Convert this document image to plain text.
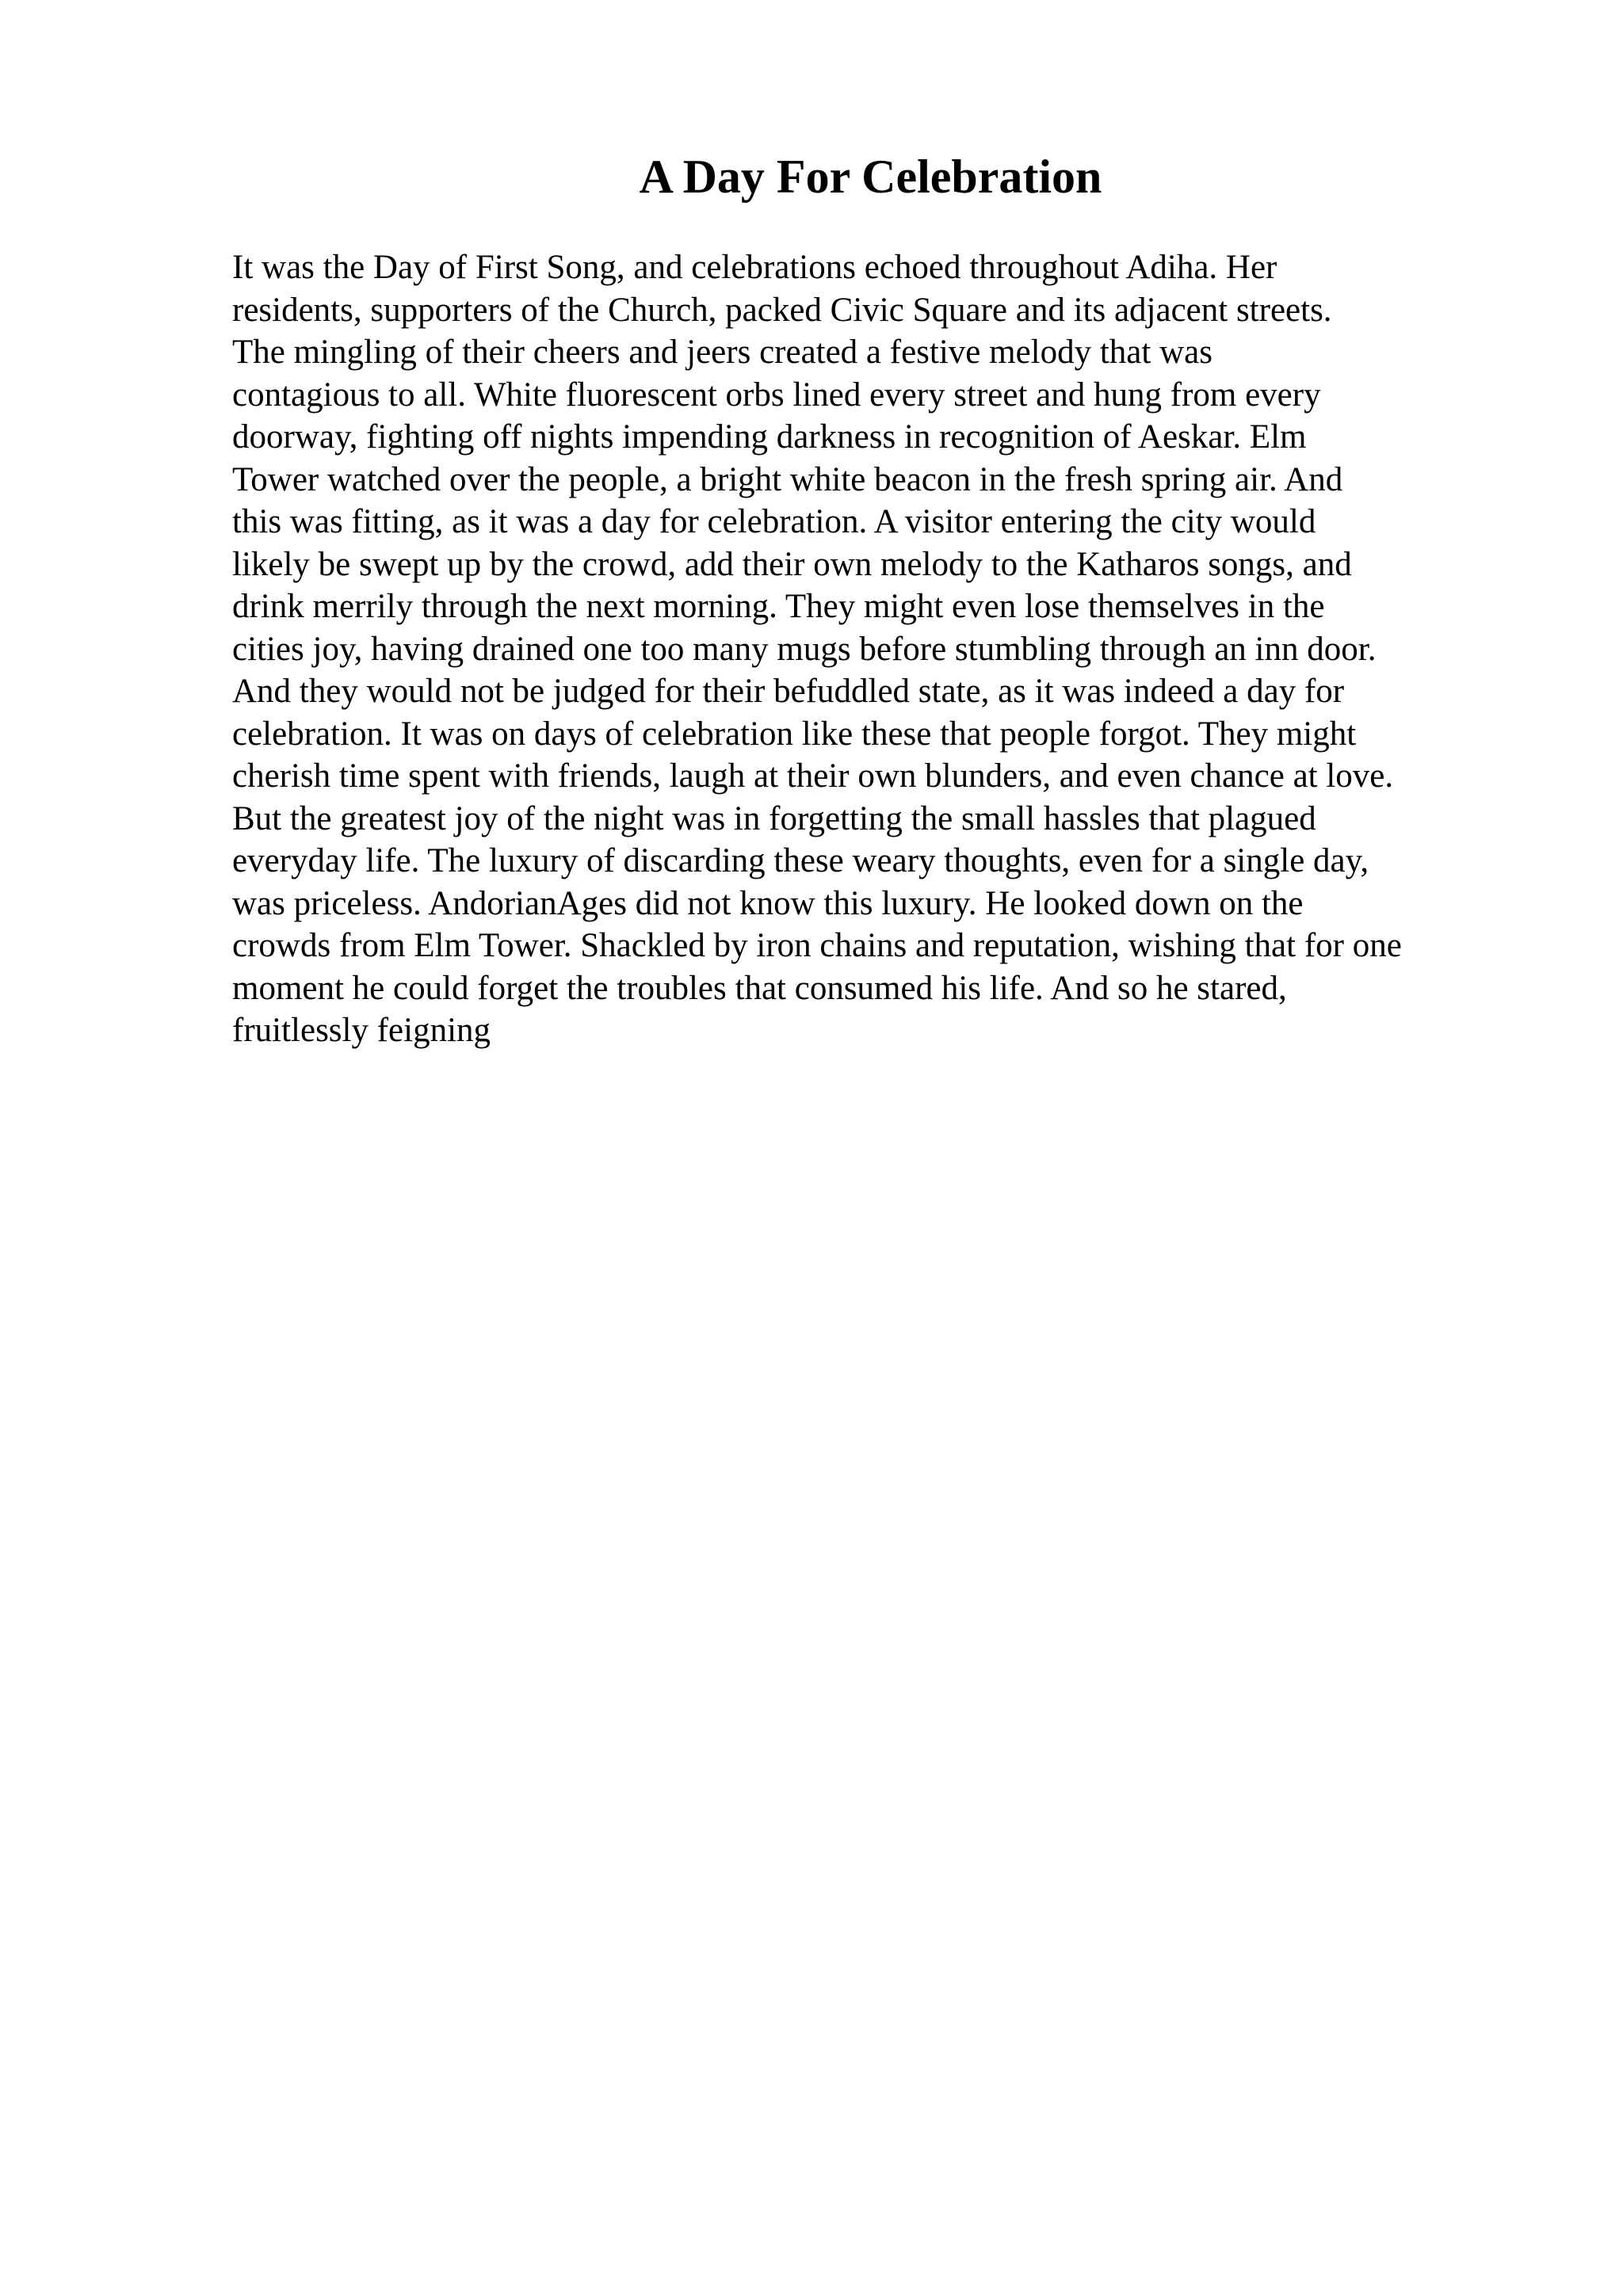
A Day For Celebration
It was the Day of First Song, and celebrations echoed throughout Adiha. Her
residents, supporters of the Church, packed Civic Square and its adjacent streets.
The mingling of their cheers and jeers created a festive melody that was
contagious to all. White fluorescent orbs lined every street and hung from every
doorway, fighting off nights impending darkness in recognition of Aeskar. Elm
Tower watched over the people, a bright white beacon in the fresh spring air. And
this was fitting, as it was a day for celebration. A visitor entering the city would
likely be swept up by the crowd, add their own melody to the Katharos songs, and
drink merrily through the next morning. They might even lose themselves in the
cities joy, having drained one too many mugs before stumbling through an inn door.
And they would not be judged for their befuddled state, as it was indeed a day for
celebration. It was on days of celebration like these that people forgot. They might
cherish time spent with friends, laugh at their own blunders, and even chance at love.
But the greatest joy of the night was in forgetting the small hassles that plagued
everyday life. The luxury of discarding these weary thoughts, even for a single day,
was priceless. AndorianAges did not know this luxury. He looked down on the
crowds from Elm Tower. Shackled by iron chains and reputation, wishing that for one
moment he could forget the troubles that consumed his life. And so he stared,
fruitlessly feigning
